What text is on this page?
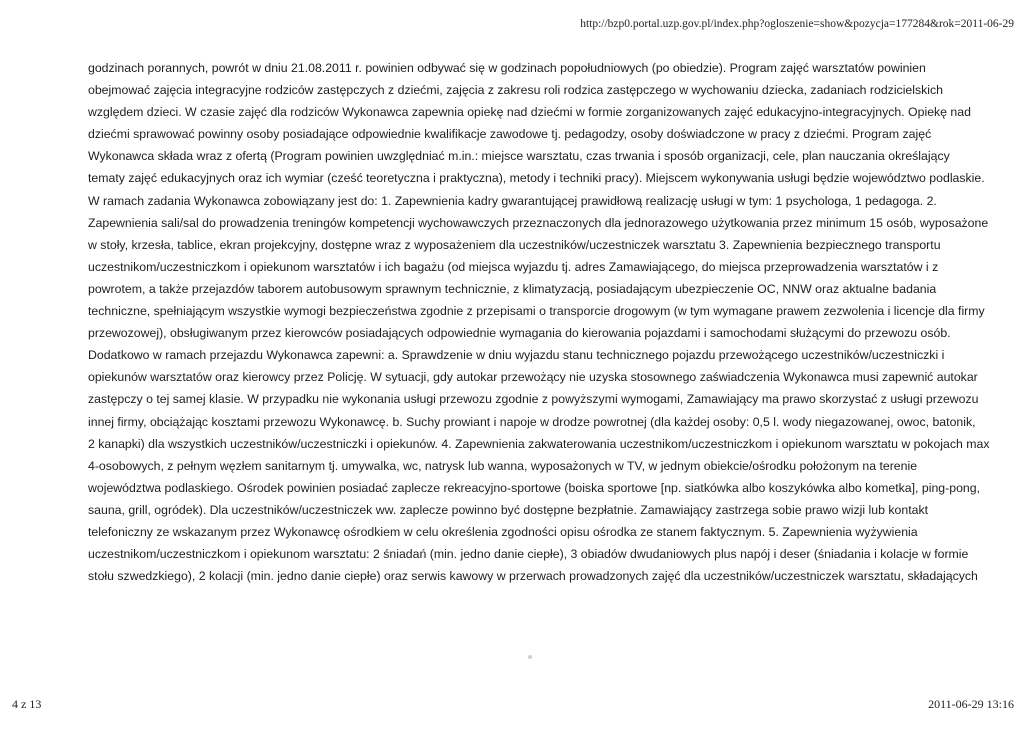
http://bzp0.portal.uzp.gov.pl/index.php?ogloszenie=show&pozycja=177284&rok=2011-06-29
godzinach porannych, powrót w dniu 21.08.2011 r. powinien odbywać się w godzinach popołudniowych (po obiedzie). Program zajęć warsztatów powinien
obejmować zajęcia integracyjne rodziców zastępczych z dziećmi, zajęcia z zakresu roli rodzica zastępczego w wychowaniu dziecka, zadaniach rodzicielskich
względem dzieci. W czasie zajęć dla rodziców Wykonawca zapewnia opiekę nad dziećmi w formie zorganizowanych zajęć edukacyjno-integracyjnych. Opiekę nad
dziećmi sprawować powinny osoby posiadające odpowiednie kwalifikacje zawodowe tj. pedagodzy, osoby doświadczone w pracy z dziećmi. Program zajęć
Wykonawca składa wraz z ofertą (Program powinien uwzględniać m.in.: miejsce warsztatu, czas trwania i sposób organizacji, cele, plan nauczania określający
tematy zajęć edukacyjnych oraz ich wymiar (cześć teoretyczna i praktyczna), metody i techniki pracy). Miejscem wykonywania usługi będzie województwo podlaskie.
W ramach zadania Wykonawca zobowiązany jest do: 1. Zapewnienia kadry gwarantującej prawidłową realizację usługi w tym: 1 psychologa, 1 pedagoga. 2.
Zapewnienia sali/sal do prowadzenia treningów kompetencji wychowawczych przeznaczonych dla jednorazowego użytkowania przez minimum 15 osób, wyposażone
w stoły, krzesła, tablice, ekran projekcyjny, dostępne wraz z wyposażeniem dla uczestników/uczestniczek warsztatu 3. Zapewnienia bezpiecznego transportu
uczestnikom/uczestniczkom i opiekunom warsztatów i ich bagażu (od miejsca wyjazdu tj. adres Zamawiającego, do miejsca przeprowadzenia warsztatów i z
powrotem, a także przejazdów taborem autobusowym sprawnym technicznie, z klimatyzacją, posiadającym ubezpieczenie OC, NNW oraz aktualne badania
techniczne, spełniającym wszystkie wymogi bezpieczeństwa zgodnie z przepisami o transporcie drogowym (w tym wymagane prawem zezwolenia i licencje dla firmy
przewozowej), obsługiwanym przez kierowców posiadających odpowiednie wymagania do kierowania pojazdami i samochodami służącymi do przewozu osób.
Dodatkowo w ramach przejazdu Wykonawca zapewni: a. Sprawdzenie w dniu wyjazdu stanu technicznego pojazdu przewożącego uczestników/uczestniczki i
opiekunów warsztatów oraz kierowcy przez Policję. W sytuacji, gdy autokar przewożący nie uzyska stosownego zaświadczenia Wykonawca musi zapewnić autokar
zastępczy o tej samej klasie. W przypadku nie wykonania usługi przewozu zgodnie z powyższymi wymogami, Zamawiający ma prawo skorzystać z usługi przewozu
innej firmy, obciążając kosztami przewozu Wykonawcę. b. Suchy prowiant i napoje w drodze powrotnej (dla każdej osoby: 0,5 l. wody niegazowanej, owoc, batonik,
2 kanapki) dla wszystkich uczestników/uczestniczki i opiekunów. 4. Zapewnienia zakwaterowania uczestnikom/uczestniczkom i opiekunom warsztatu w pokojach max
4-osobowych, z pełnym węzłem sanitarnym tj. umywalka, wc, natrysk lub wanna, wyposażonych w TV, w jednym obiekcie/ośrodku położonym na terenie
województwa podlaskiego. Ośrodek powinien posiadać zaplecze rekreacyjno-sportowe (boiska sportowe [np. siatkówka albo koszykówka albo kometka], ping-pong,
sauna, grill, ogródek). Dla uczestników/uczestniczek ww. zaplecze powinno być dostępne bezpłatnie. Zamawiający zastrzega sobie prawo wizji lub kontakt
telefoniczny ze wskazanym przez Wykonawcę ośrodkiem w celu określenia zgodności opisu ośrodka ze stanem faktycznym. 5. Zapewnienia wyżywienia
uczestnikom/uczestniczkom i opiekunom warsztatu: 2 śniadań (min. jedno danie ciepłe), 3 obiadów dwudaniowych plus napój i deser (śniadania i kolacje w formie
stołu szwedzkiego), 2 kolacji (min. jedno danie ciepłe) oraz serwis kawowy w przerwach prowadzonych zajęć dla uczestników/uczestniczek warsztatu, składających
4 z 13	2011-06-29 13:16
